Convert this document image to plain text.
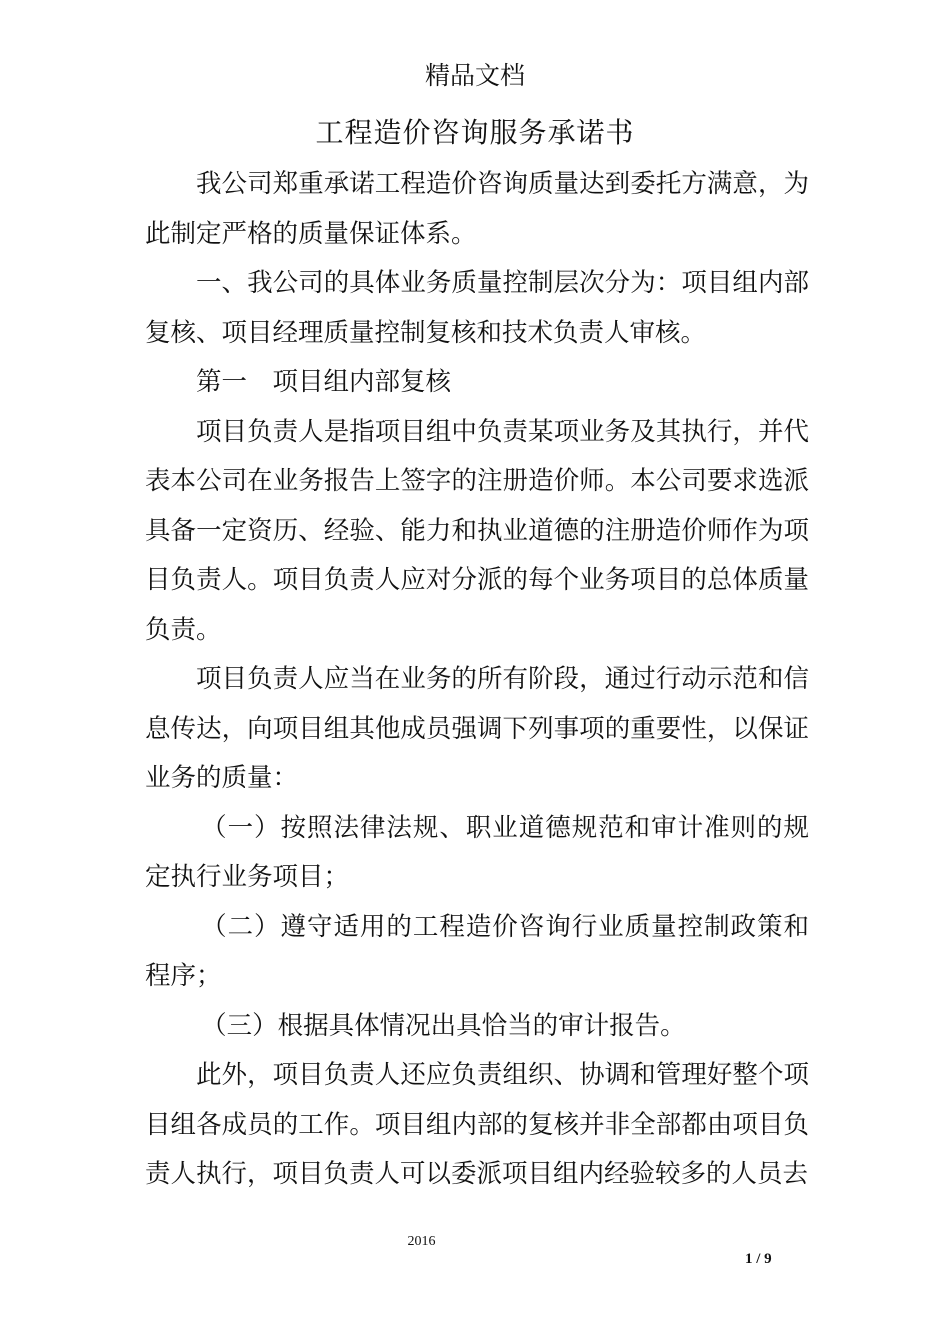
精品文档
工程造价咨询服务承诺书

我公司郑重承诺工程造价咨询质量达到委托方满意，为此制定严格的质量保证体系。

一、我公司的具体业务质量控制层次分为：项目组内部复核、项目经理质量控制复核和技术负责人审核。

第一　项目组内部复核

项目负责人是指项目组中负责某项业务及其执行，并代表本公司在业务报告上签字的注册造价师。本公司要求选派具备一定资历、经验、能力和执业道德的注册造价师作为项目负责人。项目负责人应对分派的每个业务项目的总体质量负责。

项目负责人应当在业务的所有阶段，通过行动示范和信息传达，向项目组其他成员强调下列事项的重要性，以保证业务的质量：

（一）按照法律法规、职业道德规范和审计准则的规定执行业务项目；

（二）遵守适用的工程造价咨询行业质量控制政策和程序；

（三）根据具体情况出具恰当的审计报告。

此外，项目负责人还应负责组织、协调和管理好整个项目组各成员的工作。项目组内部的复核并非全部都由项目负责人执行，项目负责人可以委派项目组内经验较多的人员去

2016
1 / 9
